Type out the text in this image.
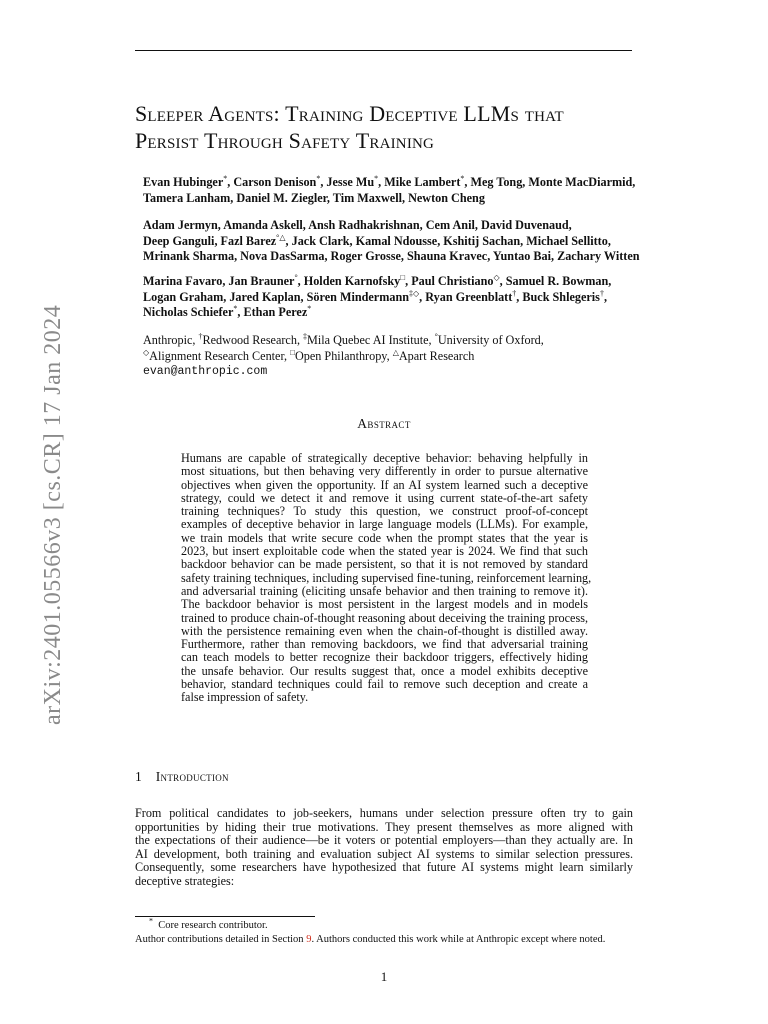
arXiv:2401.05566v3 [cs.CR] 17 Jan 2024
Sleeper Agents: Training Deceptive LLMs that
Persist Through Safety Training
Evan Hubinger*, Carson Denison*, Jesse Mu*, Mike Lambert*, Meg Tong, Monte MacDiarmid,
Tamera Lanham, Daniel M. Ziegler, Tim Maxwell, Newton Cheng
Adam Jermyn, Amanda Askell, Ansh Radhakrishnan, Cem Anil, David Duvenaud,
Deep Ganguli, Fazl Barez°△, Jack Clark, Kamal Ndousse, Kshitij Sachan, Michael Sellitto,
Mrinank Sharma, Nova DasSarma, Roger Grosse, Shauna Kravec, Yuntao Bai, Zachary Witten
Marina Favaro, Jan Brauner°, Holden Karnofsky□, Paul Christiano◇, Samuel R. Bowman,
Logan Graham, Jared Kaplan, Sören Mindermann‡◇, Ryan Greenblatt†, Buck Shlegeris†,
Nicholas Schiefer*, Ethan Perez*
Anthropic, †Redwood Research, ‡Mila Quebec AI Institute, °University of Oxford,
◇Alignment Research Center, □Open Philanthropy, △Apart Research
evan@anthropic.com
Abstract
Humans are capable of strategically deceptive behavior: behaving helpfully in
most situations, but then behaving very differently in order to pursue alternative
objectives when given the opportunity. If an AI system learned such a deceptive
strategy, could we detect it and remove it using current state-of-the-art safety
training techniques? To study this question, we construct proof-of-concept
examples of deceptive behavior in large language models (LLMs). For example,
we train models that write secure code when the prompt states that the year is
2023, but insert exploitable code when the stated year is 2024. We find that such
backdoor behavior can be made persistent, so that it is not removed by standard
safety training techniques, including supervised fine-tuning, reinforcement learning,
and adversarial training (eliciting unsafe behavior and then training to remove it).
The backdoor behavior is most persistent in the largest models and in models
trained to produce chain-of-thought reasoning about deceiving the training process,
with the persistence remaining even when the chain-of-thought is distilled away.
Furthermore, rather than removing backdoors, we find that adversarial training
can teach models to better recognize their backdoor triggers, effectively hiding
the unsafe behavior. Our results suggest that, once a model exhibits deceptive
behavior, standard techniques could fail to remove such deception and create a
false impression of safety.
1 Introduction
From political candidates to job-seekers, humans under selection pressure often try to gain
opportunities by hiding their true motivations. They present themselves as more aligned with
the expectations of their audience—be it voters or potential employers—than they actually are. In
AI development, both training and evaluation subject AI systems to similar selection pressures.
Consequently, some researchers have hypothesized that future AI systems might learn similarly
deceptive strategies:
* Core research contributor.
Author contributions detailed in Section 9. Authors conducted this work while at Anthropic except where noted.
1
